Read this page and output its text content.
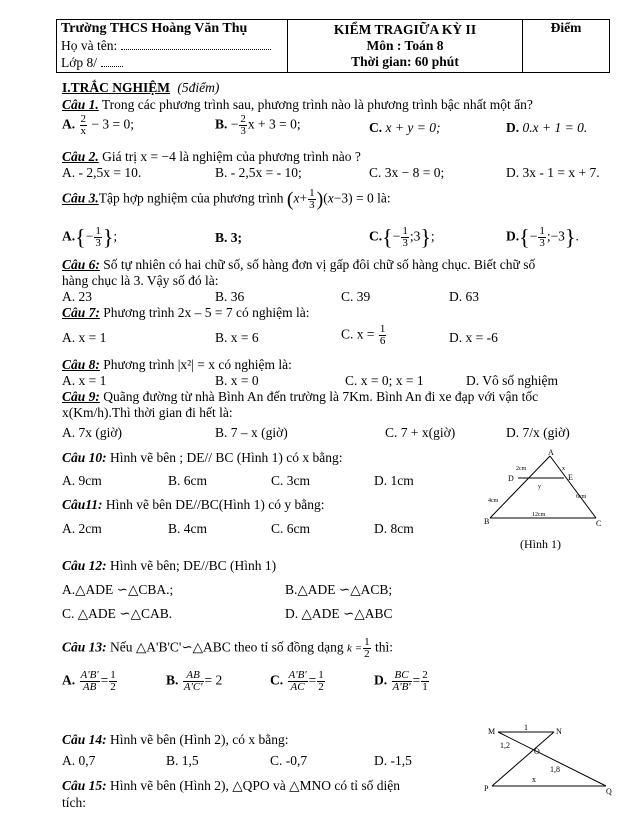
Trường THCS Hoàng Văn Thụ
Họ và tên:
Lớp 8/

KIỂM TRAGIỮA KỲ II
Môn : Toán 8
Thời gian: 60 phút
	Điểm
I.TRẮC NGHIỆM (5điểm)
Câu 1. Trong các phương trình sau, phương trình nào là phương trình bậc nhất một ẩn?
A. $\frac{2}{x} - 3 = 0$;	B. − $\frac{2}{3}$ x + 3 = 0;	C. x + y = 0;	D. 0.x + 1 = 0.
Câu 2. Giá trị x = −4 là nghiệm của phương trình nào ?
A. - 2,5x = 10.	B. - 2,5x = - 10;	C. 3x − 8 = 0;	D. 3x - 1 = x + 7.
Câu 3.Tập hợp nghiệm của phương trình $(x+ \frac{1}{3} )(x-3) = 0$ là:
$A.\{- \frac{1}{3}$ };	B. 3;	$C.\{- \frac{1}{3}$ ;3};	$D.\{- \frac{1}{3}$ ;−3}.
Câu 6: Số tự nhiên có hai chữ số, số hàng đơn vị gấp đôi chữ số hàng chục. Biết chữ số
hàng chục là 3. Vậy số đó là:
A. 23	B. 36	C. 39	D. 63
Câu 7: Phương trình 2x – 5 = 7 có nghiệm là:
A. x = 1	B. x = 6	C. $x = \frac{1}{6}$	D. x = -6
Câu 8: Phương trình |x²| = x có nghiệm là:
A. x = 1	B. x = 0	C. x = 0; x = 1	D. Vô số nghiệm
Câu 9: Quãng đường từ nhà Bình An đến trường là 7Km. Bình An đi xe đạp với vận tốc
x(Km/h).Thì thời gian đi hết là:
A. 7x (giờ)	B. 7 – x (giờ)	C. 7 + x(giờ)	D. 7/x (giờ)
Câu 10: Hình vẽ bên ; DE// BC (Hình 1) có x bằng:
A. 9cm	B. 6cm	C. 3cm	D. 1cm
Câu11: Hình vẽ bên DE//BC(Hình 1) có y bằng:
A. 2cm	B. 4cm	C. 6cm	D. 8cm
A
D	E
B	C
2cm	x
y
4cm
6cm
12cm
(Hình 1)
Câu 12: Hình vẽ bên; DE//BC (Hình 1)
A.△ADE ∽△CBA.;	B.△ADE ∽△ACB;
C. △ADE ∽△CAB.	D. △ADE ∽△ABC
Câu 13: Nếu △A'B'C'∽△ABC theo tỉ số đồng dạng $k = \frac{1}{2}$ thì:
A. $\frac{A'B'}{AB} = \frac{1}{2}$	B. $\frac{AB}{A'C'} = 2$	C. $\frac{A'B'}{AC} = \frac{1}{2}$	D. $\frac{BC}{A'B'} = \frac{2}{1}$
Câu 14: Hình vẽ bên (Hình 2), có x bằng:
A. 0,7	B. 1,5	C. -0,7	D. -1,5
Câu 15: Hình vẽ bên (Hình 2), △QPO và △MNO có tỉ số diện
tích:
M	N
O
P	Q
1
1,2
1,8
x
